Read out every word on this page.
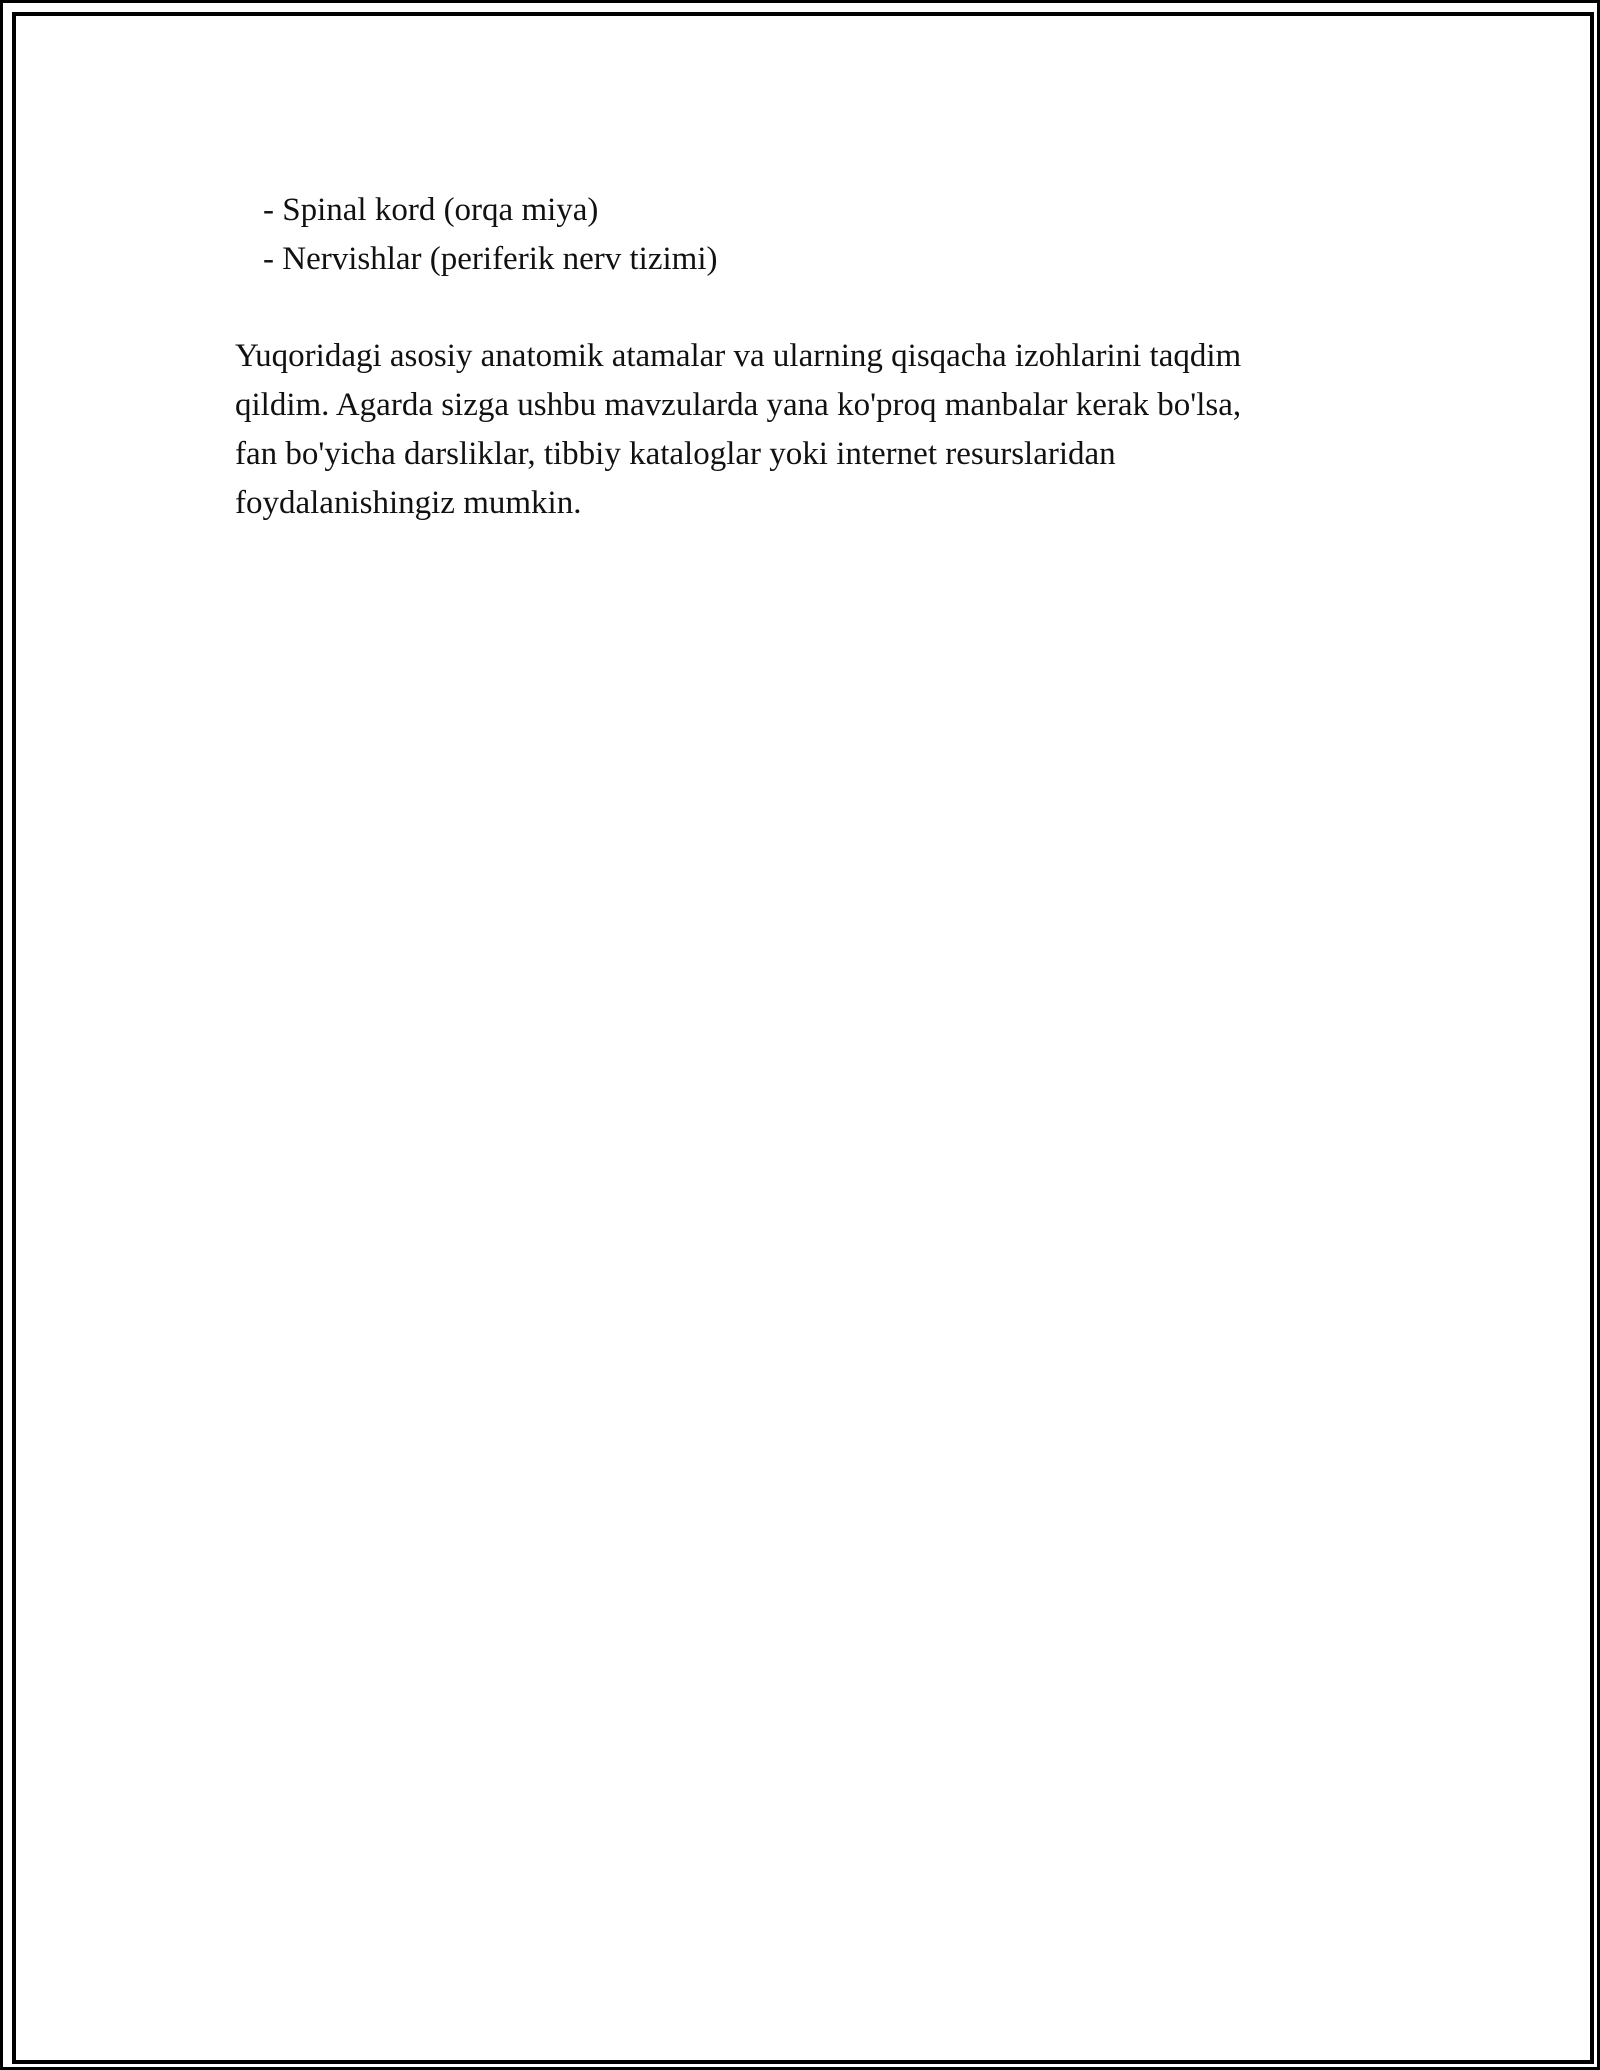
- Spinal kord (orqa miya)
- Nervishlar (periferik nerv tizimi)

Yuqoridagi asosiy anatomik atamalar va ularning qisqacha izohlarini taqdim
qildim. Agarda sizga ushbu mavzularda yana ko'proq manbalar kerak bo'lsa,
fan bo'yicha darsliklar, tibbiy kataloglar yoki internet resurslaridan
foydalanishingiz mumkin.
